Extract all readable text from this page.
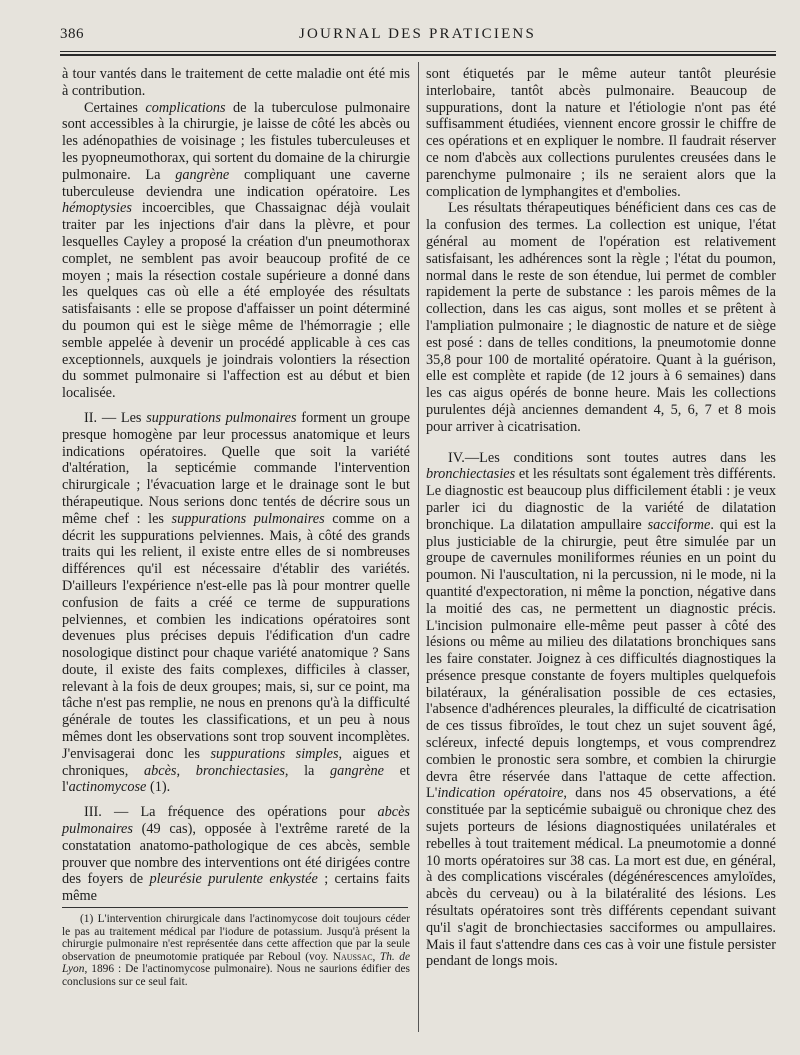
386	JOURNAL DES PRATICIENS

à tour vantés dans le traitement de cette maladie ont été mis à contribution.

Certaines complications de la tuberculose pulmonaire sont accessibles à la chirurgie, je laisse de côté les abcès ou les adénopathies de voisinage ; les fistules tuberculeuses et les pyopneumothorax, qui sortent du domaine de la chirurgie pulmonaire. La gangrène compliquant une caverne tuberculeuse deviendra une indication opératoire. Les hémoptysies incoercibles, que Chassaignac déjà voulait traiter par les injections d'air dans la plèvre, et pour lesquelles Cayley a proposé la création d'un pneumothorax complet, ne semblent pas avoir beaucoup profité de ce moyen ; mais la résection costale supérieure a donné dans les quelques cas où elle a été employée des résultats satisfaisants : elle se propose d'affaisser un point déterminé du poumon qui est le siège même de l'hémorragie ; elle semble appelée à devenir un procédé applicable à ces cas exceptionnels, auxquels je joindrais volontiers la résection du sommet pulmonaire si l'affection est au début et bien localisée.

II. — Les suppurations pulmonaires forment un groupe presque homogène par leur processus anatomique et leurs indications opératoires. Quelle que soit la variété d'altération, la septicémie commande l'intervention chirurgicale ; l'évacuation large et le drainage sont le but thérapeutique. Nous serions donc tentés de décrire sous un même chef : les suppurations pulmonaires comme on a décrit les suppurations pelviennes. Mais, à côté des grands traits qui les relient, il existe entre elles de si nombreuses différences qu'il est nécessaire d'établir des variétés. D'ailleurs l'expérience n'est-elle pas là pour montrer quelle confusion de faits a créé ce terme de suppurations pelviennes, et combien les indications opératoires sont devenues plus précises depuis l'édification d'un cadre nosologique distinct pour chaque variété anatomique ? Sans doute, il existe des faits complexes, difficiles à classer, relevant à la fois de deux groupes; mais, si, sur ce point, ma tâche n'est pas remplie, ne nous en prenons qu'à la difficulté générale de toutes les classifications, et un peu à nous mêmes dont les observations sont trop souvent incomplètes. J'envisagerai donc les suppurations simples, aigues et chroniques, abcès, bronchiectasies, la gangrène et l'actinomycose (1).

III. — La fréquence des opérations pour abcès pulmonaires (49 cas), opposée à l'extrême rareté de la constatation anatomo-pathologique de ces abcès, semble prouver que nombre des interventions ont été dirigées contre des foyers de pleurésie purulente enkystée ; certains faits même

(1) L'intervention chirurgicale dans l'actinomycose doit toujours céder le pas au traitement médical par l'iodure de potassium. Jusqu'à présent la chirurgie pulmonaire n'est représentée dans cette affection que par la seule observation de pneumotomie pratiquée par Reboul (voy. Naussac, Th. de Lyon, 1896 : De l'actinomycose pulmonaire). Nous ne saurions édifier des conclusions sur ce seul fait.

sont étiquetés par le même auteur tantôt pleurésie interlobaire, tantôt abcès pulmonaire. Beaucoup de suppurations, dont la nature et l'étiologie n'ont pas été suffisamment étudiées, viennent encore grossir le chiffre de ces opérations et en expliquer le nombre. Il faudrait réserver ce nom d'abcès aux collections purulentes creusées dans le parenchyme pulmonaire ; ils ne seraient alors que la complication de lymphangites et d'embolies.

Les résultats thérapeutiques bénéficient dans ces cas de la confusion des termes. La collection est unique, l'état général au moment de l'opération est relativement satisfaisant, les adhérences sont la règle ; l'état du poumon, normal dans le reste de son étendue, lui permet de combler rapidement la perte de substance : les parois mêmes de la collection, dans les cas aigus, sont molles et se prêtent à l'ampliation pulmonaire ; le diagnostic de nature et de siège est posé : dans de telles conditions, la pneumotomie donne 35,8 pour 100 de mortalité opératoire. Quant à la guérison, elle est complète et rapide (de 12 jours à 6 semaines) dans les cas aigus opérés de bonne heure. Mais les collections purulentes déjà anciennes demandent 4, 5, 6, 7 et 8 mois pour arriver à cicatrisation.

IV.—Les conditions sont toutes autres dans les bronchiectasies et les résultats sont également très différents. Le diagnostic est beaucoup plus difficilement établi : je veux parler ici du diagnostic de la variété de dilatation bronchique. La dilatation ampullaire sacciforme. qui est la plus justiciable de la chirurgie, peut être simulée par un groupe de cavernules moniliformes réunies en un point du poumon. Ni l'auscultation, ni la percussion, ni le mode, ni la quantité d'expectoration, ni même la ponction, négative dans la moitié des cas, ne permettent un diagnostic précis. L'incision pulmonaire elle-même peut passer à côté des lésions ou même au milieu des dilatations bronchiques sans les faire constater. Joignez à ces difficultés diagnostiques la présence presque constante de foyers multiples quelquefois bilatéraux, la généralisation possible de ces ectasies, l'absence d'adhérences pleurales, la difficulté de cicatrisation de ces tissus fibroïdes, le tout chez un sujet souvent âgé, scléreux, infecté depuis longtemps, et vous comprendrez combien le pronostic sera sombre, et combien la chirurgie devra être réservée dans l'attaque de cette affection. L'indication opératoire, dans nos 45 observations, a été constituée par la septicémie subaiguë ou chronique chez des sujets porteurs de lésions diagnostiquées unilatérales et rebelles à tout traitement médical. La pneumotomie a donné 10 morts opératoires sur 38 cas. La mort est due, en général, à des complications viscérales (dégénérescences amyloïdes, abcès du cerveau) ou à la bilatéralité des lésions. Les résultats opératoires sont très différents cependant suivant qu'il s'agit de bronchiectasies sacciformes ou ampullaires. Mais il faut s'attendre dans ces cas à voir une fistule persister pendant de longs mois.
